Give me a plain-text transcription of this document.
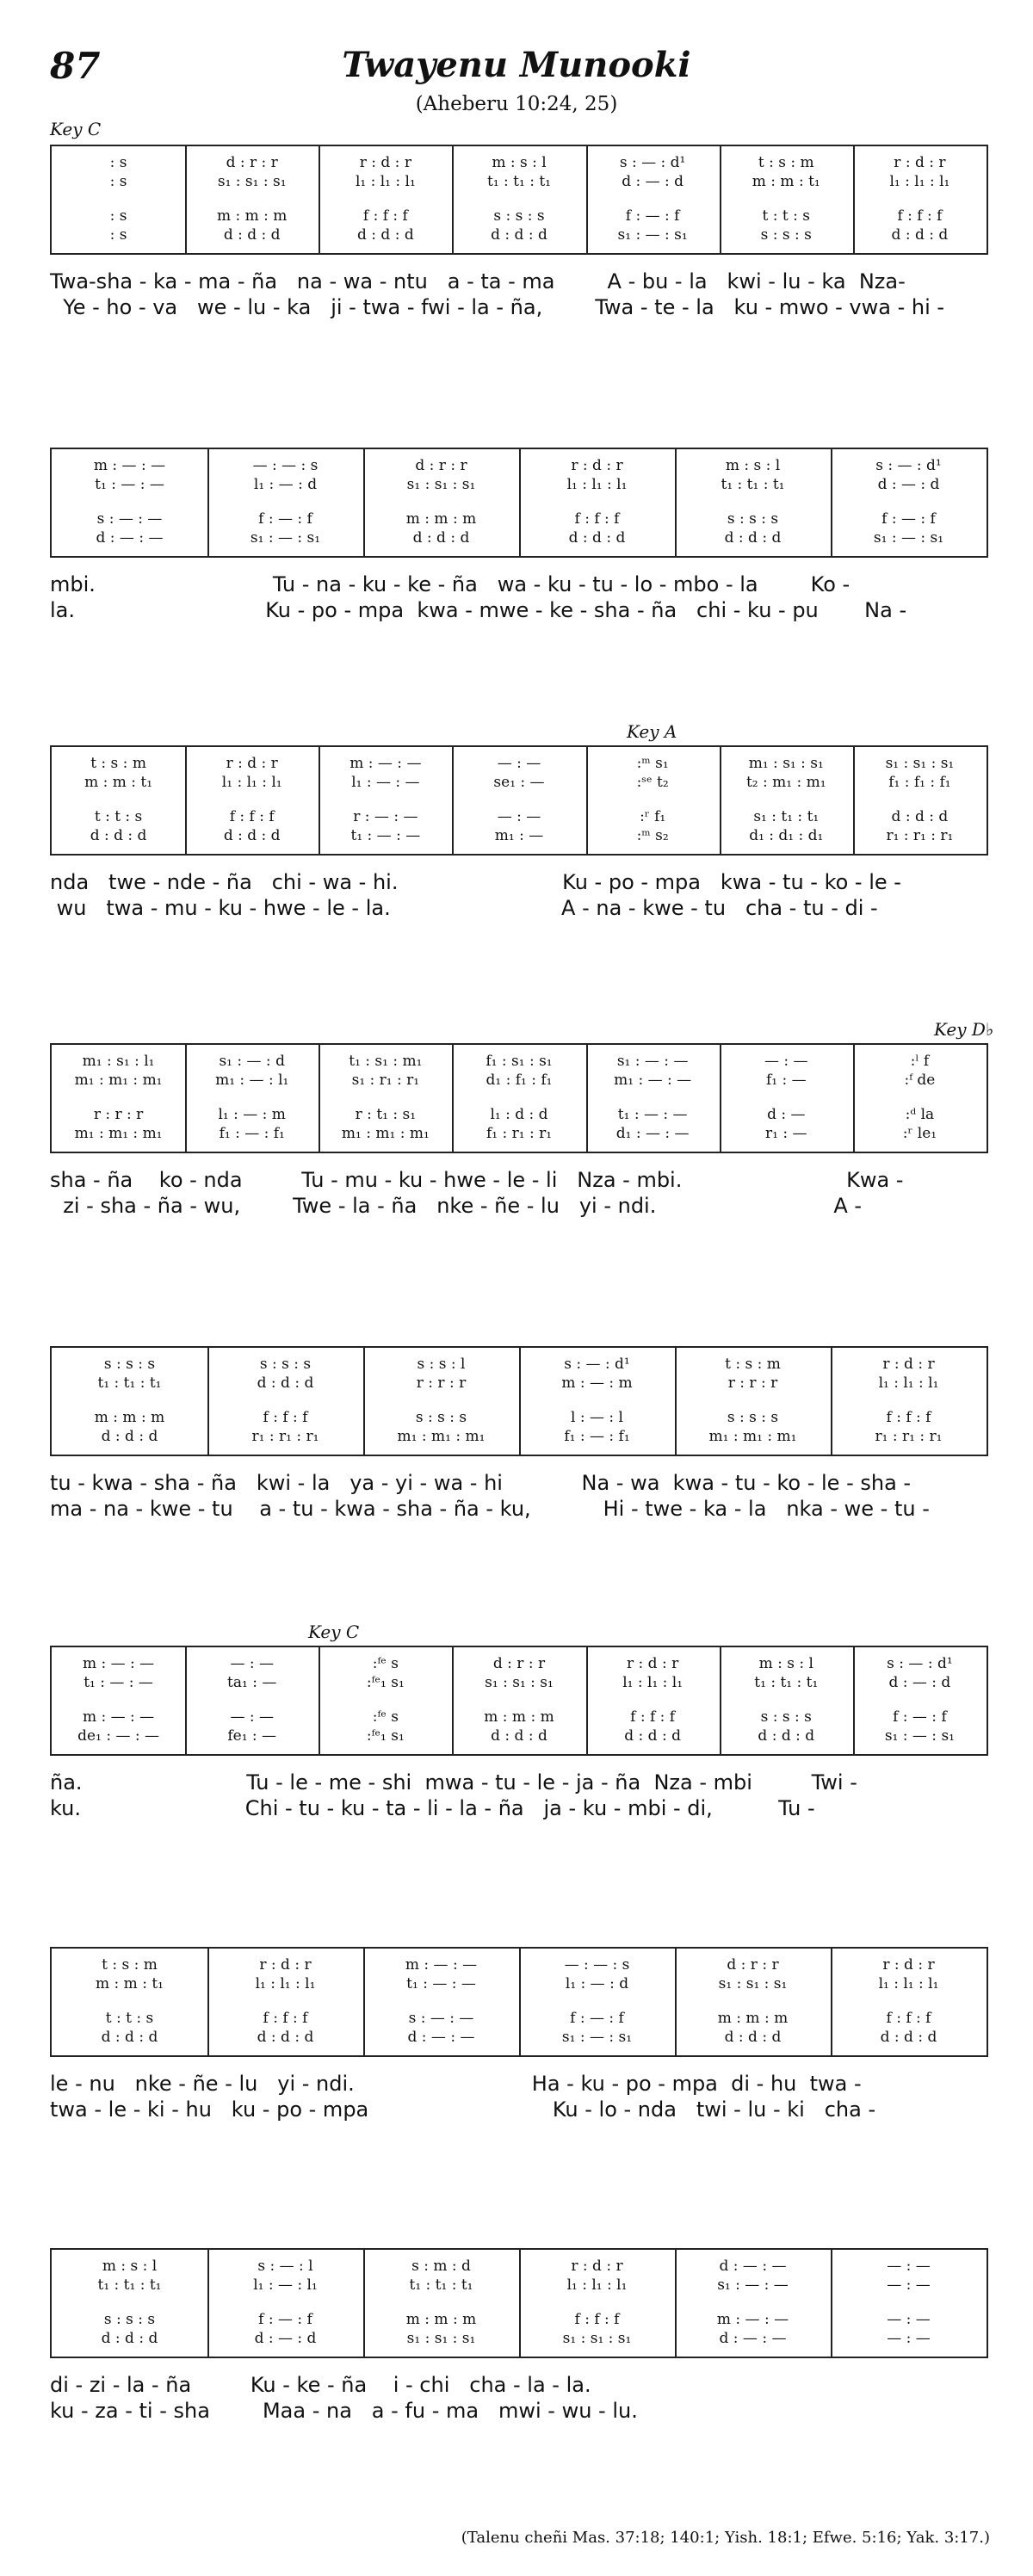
87	Twayenu Munooki
(Aheberu 10:24, 25)
Key C
Key A
Key D♭
Key C
: s	d : r : r	r : d : r	m : s : l	s : — : d¹	t : s : m	r : d : r
: s	s₁ : s₁ : s₁	l₁ : l₁ : l₁	t₁ : t₁ : t₁	d : — : d	m : m : t₁	l₁ : l₁ : l₁
: s	m : m : m	f : f : f	s : s : s	f : — : f	t : t : s	f : f : f
: s	d : d : d	d : d : d	d : d : d	s₁ : — : s₁	s : s : s	d : d : d
Twa-sha - ka - ma - ña   na - wa - ntu   a - ta - ma        A - bu - la   kwi - lu - ka  Nza-
Ye - ho - va   we - lu - ka   ji - twa - fwi - la - ña,        Twa - te - la   ku - mwo - vwa - hi -
m : — : —	— : — : s	d : r : r	r : d : r	m : s : l	s : — : d¹
t₁ : — : —	l₁ : — : d	s₁ : s₁ : s₁	l₁ : l₁ : l₁	t₁ : t₁ : t₁	d : — : d
s : — : —	f : — : f	m : m : m	f : f : f	s : s : s	f : — : f
d : — : —	s₁ : — : s₁	d : d : d	d : d : d	d : d : d	s₁ : — : s₁
mbi.                           Tu - na - ku - ke - ña   wa - ku - tu - lo - mbo - la        Ko -
la.                             Ku - po - mpa  kwa - mwe - ke - sha - ña   chi - ku - pu       Na -
t : s : m	r : d : r	m : — : —	— : —	:ᵐ s₁	m₁ : s₁ : s₁	s₁ : s₁ : s₁
m : m : t₁	l₁ : l₁ : l₁	l₁ : — : —	se₁ : —	:ˢᵉ t₂	t₂ : m₁ : m₁	f₁ : f₁ : f₁
t : t : s	f : f : f	r : — : —	— : —	:ʳ f₁	s₁ : t₁ : t₁	d : d : d
d : d : d	d : d : d	t₁ : — : —	m₁ : —	:ᵐ s₂	d₁ : d₁ : d₁	r₁ : r₁ : r₁
nda   twe - nde - ña   chi - wa - hi.                         Ku - po - mpa   kwa - tu - ko - le -
wu   twa - mu - ku - hwe - le - la.                          A - na - kwe - tu   cha - tu - di -
m₁ : s₁ : l₁	s₁ : — : d	t₁ : s₁ : m₁	f₁ : s₁ : s₁	s₁ : — : —	— : —	:ˡ f
m₁ : m₁ : m₁	m₁ : — : l₁	s₁ : r₁ : r₁	d₁ : f₁ : f₁	m₁ : — : —	f₁ : —	:ᶠ de
r : r : r	l₁ : — : m	r : t₁ : s₁	l₁ : d : d	t₁ : — : —	d : —	:ᵈ la
m₁ : m₁ : m₁	f₁ : — : f₁	m₁ : m₁ : m₁	f₁ : r₁ : r₁	d₁ : — : —	r₁ : —	:ʳ le₁
sha - ña    ko - nda         Tu - mu - ku - hwe - le - li   Nza - mbi.                         Kwa -
zi - sha - ña - wu,        Twe - la - ña   nke - ñe - lu   yi - ndi.                           A -
s : s : s	s : s : s	s : s : l	s : — : d¹	t : s : m	r : d : r
t₁ : t₁ : t₁	d : d : d	r : r : r	m : — : m	r : r : r	l₁ : l₁ : l₁
m : m : m	f : f : f	s : s : s	l : — : l	s : s : s	f : f : f
d : d : d	r₁ : r₁ : r₁	m₁ : m₁ : m₁	f₁ : — : f₁	m₁ : m₁ : m₁	r₁ : r₁ : r₁
tu - kwa - sha - ña   kwi - la   ya - yi - wa - hi            Na - wa  kwa - tu - ko - le - sha -
ma - na - kwe - tu    a - tu - kwa - sha - ña - ku,           Hi - twe - ka - la   nka - we - tu -
m : — : —	— : —	:ᶠᵉ s	d : r : r	r : d : r	m : s : l	s : — : d¹
t₁ : — : —	ta₁ : —	:ᶠᵉ₁ s₁	s₁ : s₁ : s₁	l₁ : l₁ : l₁	t₁ : t₁ : t₁	d : — : d
m : — : —	— : —	:ᶠᵉ s	m : m : m	f : f : f	s : s : s	f : — : f
de₁ : — : —	fe₁ : —	:ᶠᵉ₁ s₁	d : d : d	d : d : d	d : d : d	s₁ : — : s₁
ña.                         Tu - le - me - shi  mwa - tu - le - ja - ña  Nza - mbi         Twi -
ku.                         Chi - tu - ku - ta - li - la - ña   ja - ku - mbi - di,          Tu -
t : s : m	r : d : r	m : — : —	— : — : s	d : r : r	r : d : r
m : m : t₁	l₁ : l₁ : l₁	t₁ : — : —	l₁ : — : d	s₁ : s₁ : s₁	l₁ : l₁ : l₁
t : t : s	f : f : f	s : — : —	f : — : f	m : m : m	f : f : f
d : d : d	d : d : d	d : — : —	s₁ : — : s₁	d : d : d	d : d : d
le - nu   nke - ñe - lu   yi - ndi.                           Ha - ku - po - mpa  di - hu  twa -
twa - le - ki - hu   ku - po - mpa                            Ku - lo - nda   twi - lu - ki   cha -
m : s : l	s : — : l	s : m : d	r : d : r	d : — : —	— : —
t₁ : t₁ : t₁	l₁ : — : l₁	t₁ : t₁ : t₁	l₁ : l₁ : l₁	s₁ : — : —	— : —
s : s : s	f : — : f	m : m : m	f : f : f	m : — : —	— : —
d : d : d	d : — : d	s₁ : s₁ : s₁	s₁ : s₁ : s₁	d : — : —	— : —
di - zi - la - ña         Ku - ke - ña    i - chi   cha - la - la.
ku - za - ti - sha        Maa - na   a - fu - ma   mwi - wu - lu.
(Talenu cheñi Mas. 37:18; 140:1; Yish. 18:1; Efwe. 5:16; Yak. 3:17.)
